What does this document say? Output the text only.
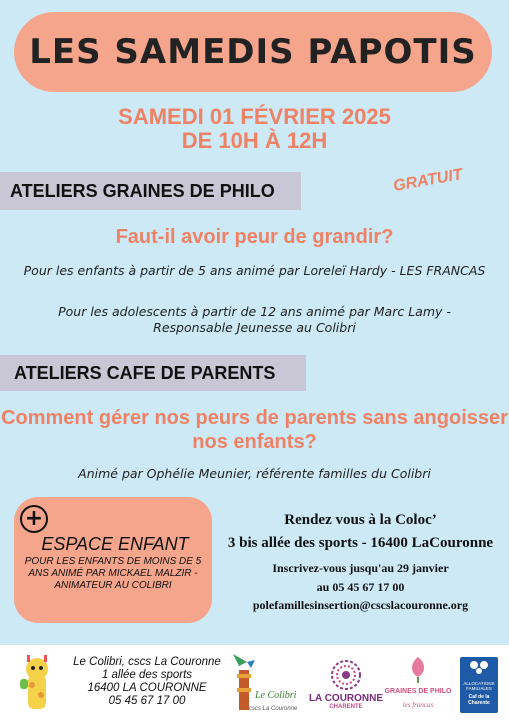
LES SAMEDIS PAPOTIS
SAMEDI 01 FÉVRIER 2025
DE 10H À 12H
GRATUIT
ATELIERS GRAINES DE PHILO
Faut-il avoir peur de grandir?
Pour les enfants à partir de 5 ans animé par Loreleï Hardy - LES FRANCAS
Pour les adolescents à partir de 12 ans animé par Marc Lamy - Responsable Jeunesse au Colibri
ATELIERS CAFE DE PARENTS
Comment gérer nos peurs de parents sans angoisser nos enfants?
Animé par Ophélie Meunier, référente familles du Colibri
+
ESPACE ENFANT
POUR LES ENFANTS DE MOINS DE 5 ANS ANIMÉ PAR MICKAEL MALZIR - ANIMATEUR AU COLIBRI
Rendez vous à la Coloc’
3 bis allée des sports - 16400 LaCouronne
Inscrivez-vous jusqu'au 29 janvier
au 05 45 67 17 00
polefamillesinsertion@cscslacouronne.org
Le Colibri, cscs La Couronne
1 allée des sports
16400 LA COURONNE
05 45 67 17 00	Le Colibri
cscs La Couronne
LA COURONNE
CHARENTE
GRAINES DE PHILO
les francas
ALLOCATIONS FAMILIALES
Caf de la Charente
